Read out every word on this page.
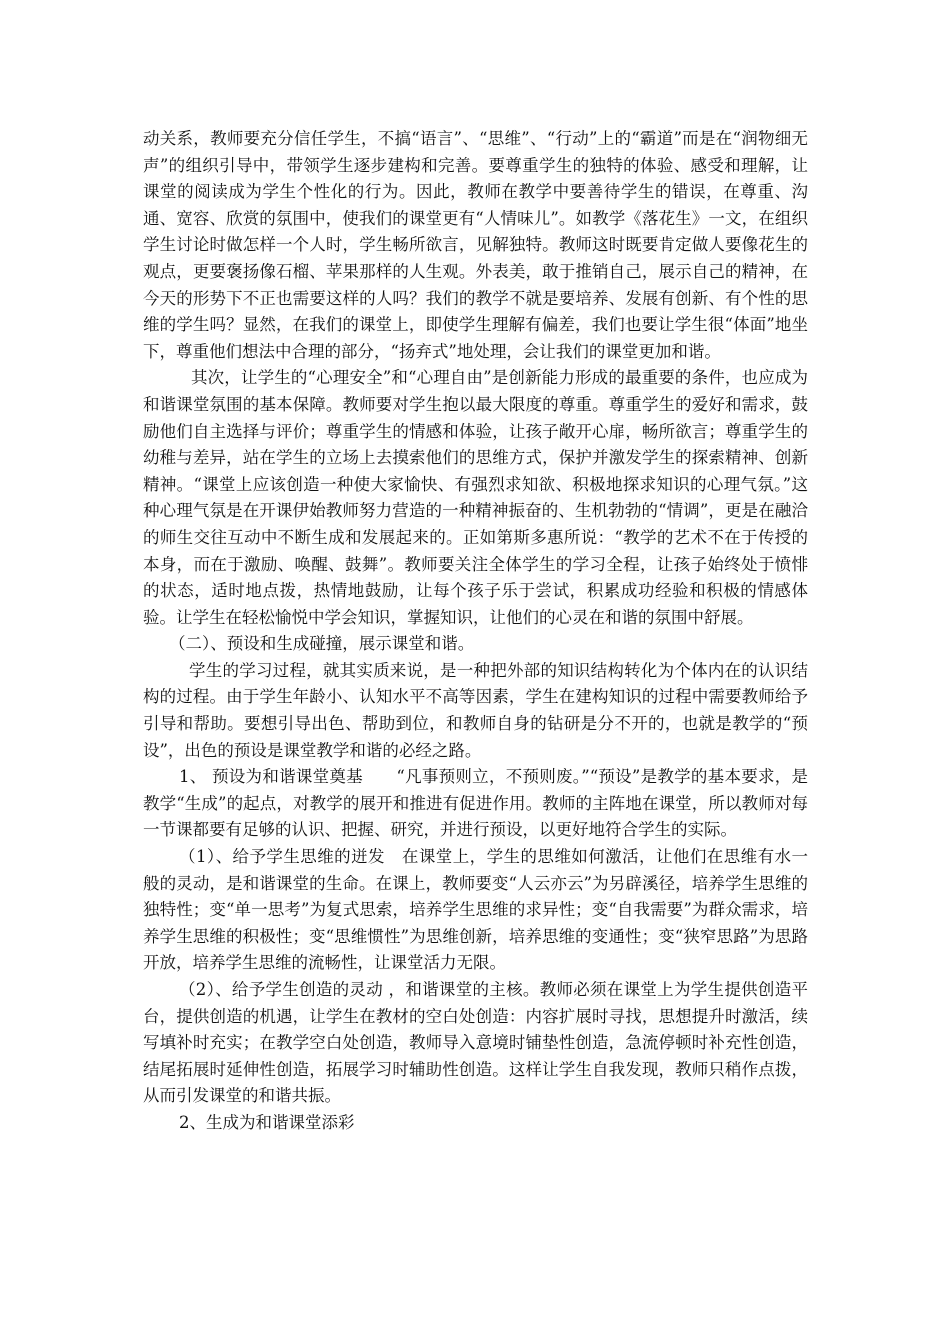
动关系，教师要充分信任学生，不搞“语言”、“思维”、“行动”上的“霸道”而是在“润物细无声”的组织引导中，带领学生逐步建构和完善。要尊重学生的独特的体验、感受和理解，让课堂的阅读成为学生个性化的行为。因此，教师在教学中要善待学生的错误，在尊重、沟通、宽容、欣赏的氛围中，使我们的课堂更有“人情味儿”。如教学《落花生》一文，在组织学生讨论时做怎样一个人时，学生畅所欲言，见解独特。教师这时既要肯定做人要像花生的观点，更要褒扬像石榴、苹果那样的人生观。外表美，敢于推销自己，展示自己的精神，在今天的形势下不正也需要这样的人吗？我们的教学不就是要培养、发展有创新、有个性的思维的学生吗？显然，在我们的课堂上，即使学生理解有偏差，我们也要让学生很“体面”地坐下，尊重他们想法中合理的部分，“扬弃式”地处理，会让我们的课堂更加和谐。

其次，让学生的“心理安全”和“心理自由”是创新能力形成的最重要的条件，也应成为和谐课堂氛围的基本保障。教师要对学生抱以最大限度的尊重。尊重学生的爱好和需求，鼓励他们自主选择与评价；尊重学生的情感和体验，让孩子敞开心扉，畅所欲言；尊重学生的幼稚与差异，站在学生的立场上去摸索他们的思维方式，保护并激发学生的探索精神、创新精神。“课堂上应该创造一种使大家愉快、有强烈求知欲、积极地探求知识的心理气氛。”这种心理气氛是在开课伊始教师努力营造的一种精神振奋的、生机勃勃的“情调”，更是在融洽的师生交往互动中不断生成和发展起来的。正如第斯多惠所说：“教学的艺术不在于传授的本身，而在于激励、唤醒、鼓舞”。教师要关注全体学生的学习全程，让孩子始终处于愤悱的状态，适时地点拨，热情地鼓励，让每个孩子乐于尝试，积累成功经验和积极的情感体验。让学生在轻松愉悦中学会知识，掌握知识，让他们的心灵在和谐的氛围中舒展。

（二）、预设和生成碰撞，展示课堂和谐。

学生的学习过程，就其实质来说，是一种把外部的知识结构转化为个体内在的认识结构的过程。由于学生年龄小、认知水平不高等因素，学生在建构知识的过程中需要教师给予引导和帮助。要想引导出色、帮助到位，和教师自身的钻研是分不开的，也就是教学的“预设”，出色的预设是课堂教学和谐的必经之路。

1、 预设为和谐课堂奠基　　“凡事预则立，不预则废。”“预设”是教学的基本要求，是教学“生成”的起点，对教学的展开和推进有促进作用。教师的主阵地在课堂，所以教师对每一节课都要有足够的认识、把握、研究，并进行预设，以更好地符合学生的实际。

（1）、给予学生思维的迸发　在课堂上，学生的思维如何激活，让他们在思维有水一般的灵动，是和谐课堂的生命。在课上，教师要变“人云亦云”为另辟溪径，培养学生思维的独特性；变“单一思考”为复式思索，培养学生思维的求异性；变“自我需要”为群众需求，培养学生思维的积极性；变“思维惯性”为思维创新，培养思维的变通性；变“狭窄思路”为思路开放，培养学生思维的流畅性，让课堂活力无限。

（2）、给予学生创造的灵动 ，和谐课堂的主核。教师必须在课堂上为学生提供创造平台，提供创造的机遇，让学生在教材的空白处创造：内容扩展时寻找，思想提升时激活，续写填补时充实；在教学空白处创造，教师导入意境时铺垫性创造，急流停顿时补充性创造，结尾拓展时延伸性创造，拓展学习时辅助性创造。这样让学生自我发现，教师只稍作点拨，从而引发课堂的和谐共振。

2、生成为和谐课堂添彩
